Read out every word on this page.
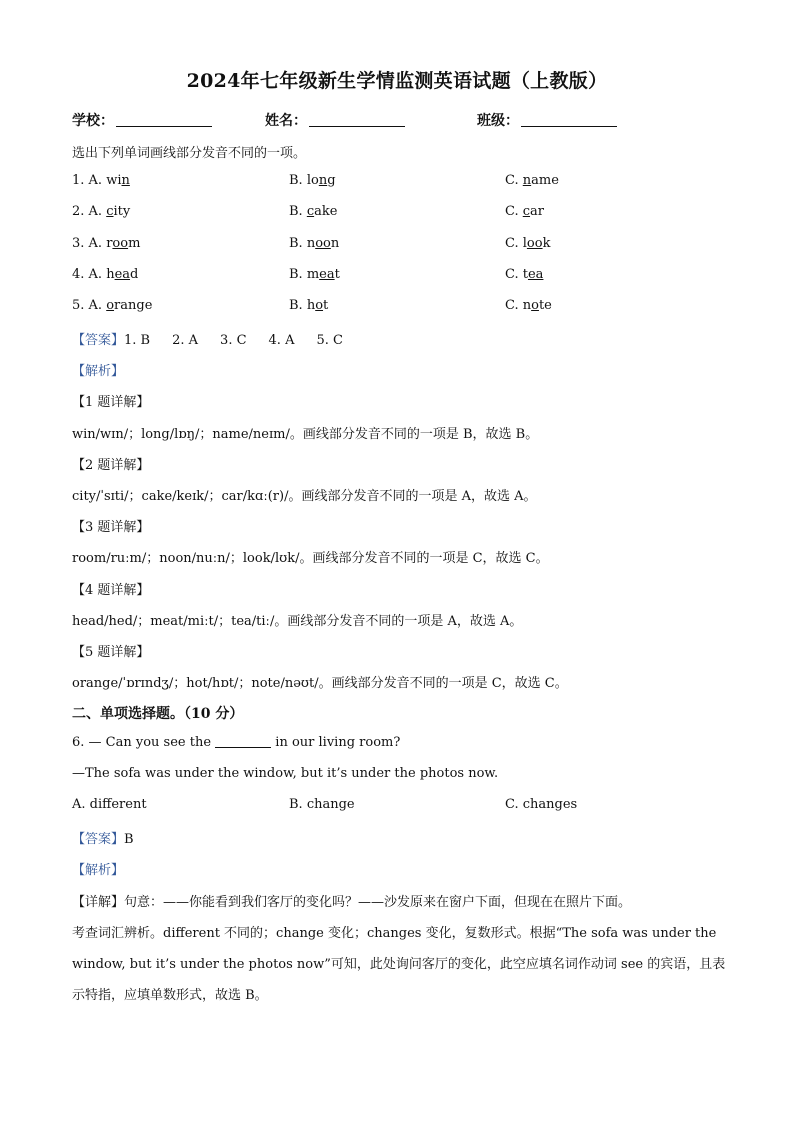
2024年七年级新生学情监测英语试题（上教版）
学校：	姓名：	班级：
选出下列单词画线部分发音不同的一项。
1. A. win	B. long	C. name
2. A. city	B. cake	C. car
3. A. room	B. noon	C. look
4. A. head	B. meat	C. tea
5. A. orange	B. hot	C. note
【答案】1. B 2. A 3. C 4. A 5. C
【解析】
【1 题详解】
win/wɪn/；long/lɒŋ/；name/neɪm/。画线部分发音不同的一项是 B，故选 B。
【2 题详解】
city/ˈsɪti/；cake/keɪk/；car/kɑː(r)/。画线部分发音不同的一项是 A，故选 A。
【3 题详解】
room/ruːm/；noon/nuːn/；look/lʊk/。画线部分发音不同的一项是 C，故选 C。
【4 题详解】
head/hed/；meat/miːt/；tea/tiː/。画线部分发音不同的一项是 A，故选 A。
【5 题详解】
orange/ˈɒrɪndʒ/；hot/hɒt/；note/nəʊt/。画线部分发音不同的一项是 C，故选 C。
二、单项选择题。（10 分）
6. — Can you see the	in our living room?
—The sofa was under the window, but it’s under the photos now.
A. different	B. change	C. changes
【答案】B
【解析】
【详解】句意：——你能看到我们客厅的变化吗？——沙发原来在窗户下面，但现在在照片下面。
考查词汇辨析。different 不同的；change 变化；changes 变化，复数形式。根据“The sofa was under the
window, but it’s under the photos now”可知，此处询问客厅的变化，此空应填名词作动词 see 的宾语，且表
示特指，应填单数形式，故选 B。
